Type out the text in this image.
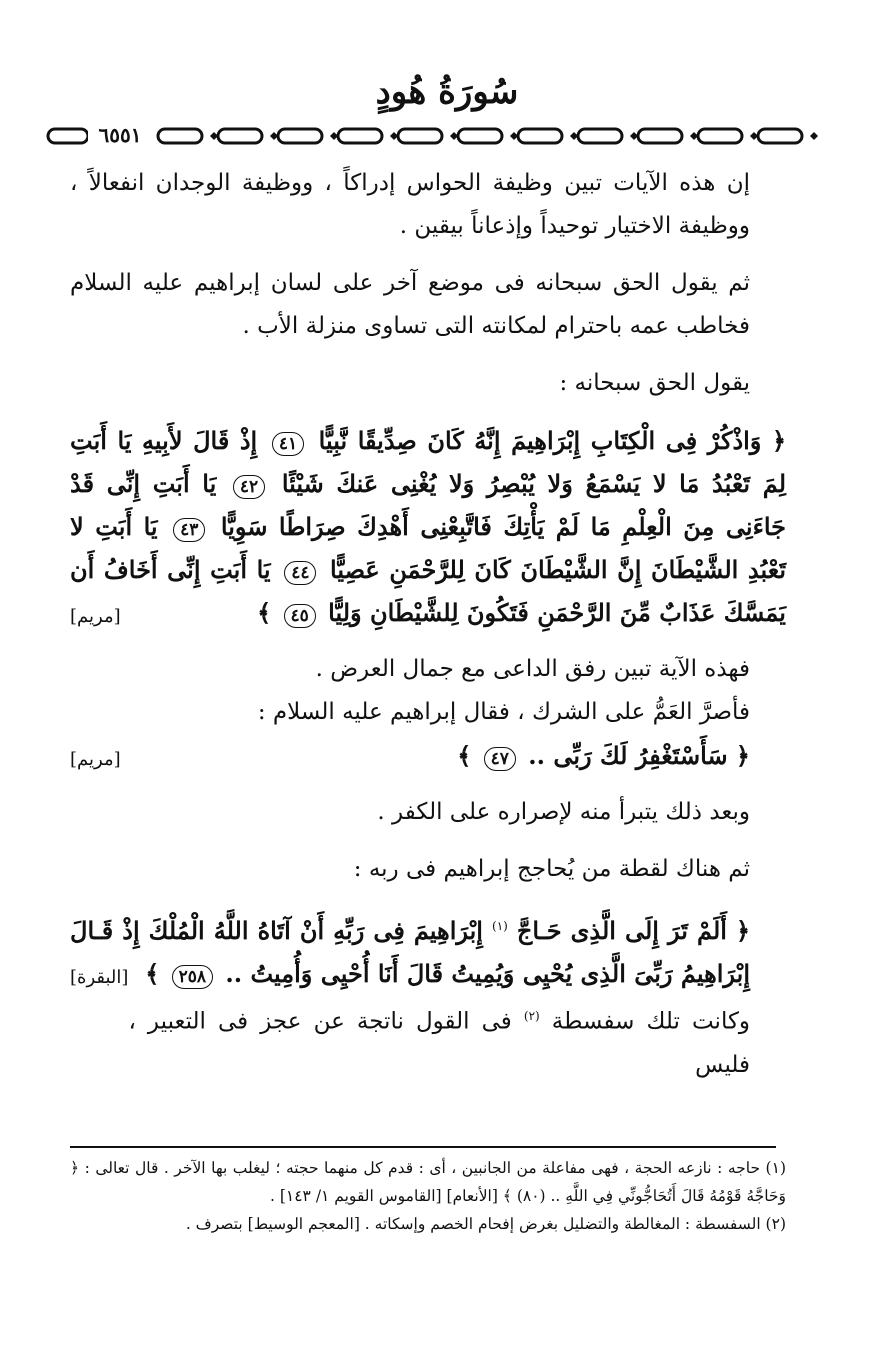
سُورَةُ هُودٍ
٦٥٥١

إن هذه الآيات تبين وظيفة الحواس إدراكاً ، ووظيفة الوجدان انفعالاً ، ووظيفة الاختيار توحيداً وإذعاناً بيقين .

ثم يقول الحق سبحانه فى موضع آخر على لسان إبراهيم عليه السلام فخاطب عمه باحترام لمكانته التى تساوى منزلة الأب .

يقول الحق سبحانه :

﴿ وَاذْكُرْ فِى الْكِتَابِ إِبْرَاهِيمَ إِنَّهُ كَانَ صِدِّيقًا نَّبِيًّا ٤١ إِذْ قَالَ لأَبِيهِ يَا أَبَتِ لِمَ تَعْبُدُ مَا لا يَسْمَعُ وَلا يُبْصِرُ وَلا يُغْنِى عَنكَ شَيْئًا ٤٢ يَا أَبَتِ إِنِّى قَدْ جَاءَنِى مِنَ الْعِلْمِ مَا لَمْ يَأْتِكَ فَاتَّبِعْنِى أَهْدِكَ صِرَاطًا سَوِيًّا ٤٣ يَا أَبَتِ لا تَعْبُدِ الشَّيْطَانَ إِنَّ الشَّيْطَانَ كَانَ لِلرَّحْمَنِ عَصِيًّا ٤٤ يَا أَبَتِ إِنِّى أَخَافُ أَن يَمَسَّكَ عَذَابٌ مِّنَ الرَّحْمَنِ فَتَكُونَ لِلشَّيْطَانِ وَلِيًّا ٤٥ ﴾
[مريم]

فهذه الآية تبين رفق الداعى مع جمال العرض .

فأصرَّ العَمُّ على الشرك ، فقال إبراهيم عليه السلام :

﴿ سَأَسْتَغْفِرُ لَكَ رَبِّى .. ٤٧ ﴾
[مريم]

وبعد ذلك يتبرأ منه لإصراره على الكفر .

ثم هناك لقطة من يُحاجج إبراهيم فى ربه :

﴿ أَلَمْ تَرَ إِلَى الَّذِى حَـاجَّ $^{(١)}$ إِبْرَاهِيمَ فِى رَبِّهِ أَنْ آتَاهُ اللَّهُ الْمُلْكَ إِذْ قَـالَ إِبْرَاهِيمُ رَبِّىَ الَّذِى يُحْيِى وَيُمِيتُ قَالَ أَنَا أُحْيِى وَأُمِيتُ .. ٢٥٨ ﴾
[البقرة]

وكانت تلك سفسطة $^{(٢)}$ فى القول ناتجة عن عجز فى التعبير ، فليس

(١) حاجه : نازعه الحجة ، فهى مفاعلة من الجانبين ، أى : قدم كل منهما حجته ؛ ليغلب بها الآخر . قال تعالى : ﴿ وَحَاجَّهُ قَوْمُهُ قَالَ أَتُحَاجُّونِّي فِي اللَّهِ .. (٨٠) ﴾ [الأنعام] [القاموس القويم ١/ ١٤٣] .

(٢) السفسطة : المغالطة والتضليل بغرض إفحام الخصم وإسكاته . [المعجم الوسيط] بتصرف .
